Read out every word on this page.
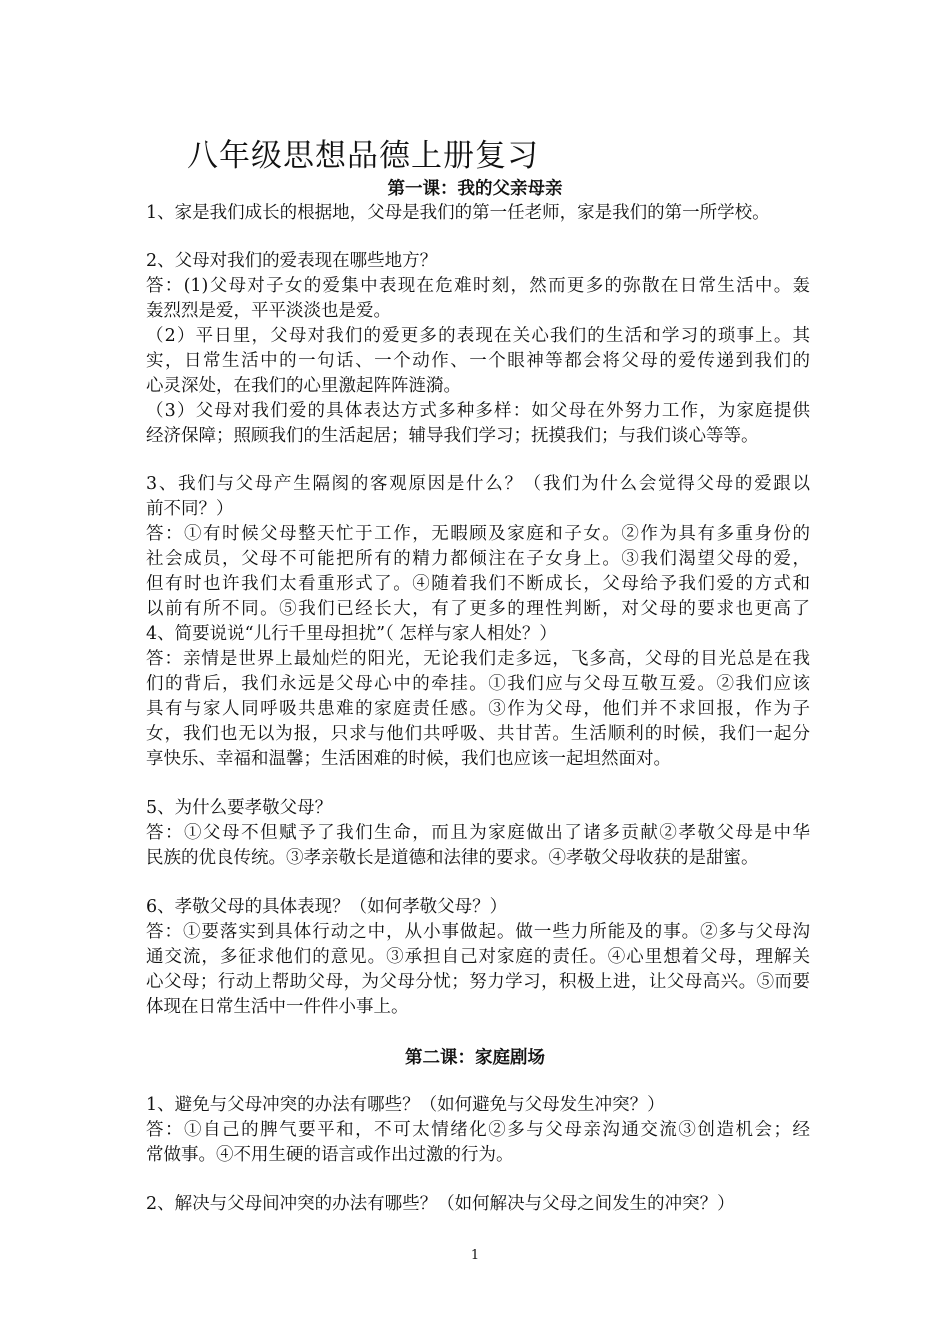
八年级思想品德上册复习
第一课：我的父亲母亲
1、家是我们成长的根据地，父母是我们的第一任老师，家是我们的第一所学校。
2、父母对我们的爱表现在哪些地方？
答：(1)父母对子女的爱集中表现在危难时刻，然而更多的弥散在日常生活中。轰
轰烈烈是爱，平平淡淡也是爱。
（2）平日里，父母对我们的爱更多的表现在关心我们的生活和学习的琐事上。其
实，日常生活中的一句话、一个动作、一个眼神等都会将父母的爱传递到我们的
心灵深处，在我们的心里激起阵阵涟漪。
（3）父母对我们爱的具体表达方式多种多样：如父母在外努力工作，为家庭提供
经济保障；照顾我们的生活起居；辅导我们学习；抚摸我们；与我们谈心等等。
3、我们与父母产生隔阂的客观原因是什么？（我们为什么会觉得父母的爱跟以
前不同？）
答：①有时候父母整天忙于工作，无暇顾及家庭和子女。②作为具有多重身份的
社会成员，父母不可能把所有的精力都倾注在子女身上。③我们渴望父母的爱，
但有时也许我们太看重形式了。④随着我们不断成长，父母给予我们爱的方式和
以前有所不同。⑤我们已经长大，有了更多的理性判断，对父母的要求也更高了
4、简要说说“儿行千里母担扰”（ 怎样与家人相处？）
答：亲情是世界上最灿烂的阳光，无论我们走多远，飞多高，父母的目光总是在我
们的背后，我们永远是父母心中的牵挂。①我们应与父母互敬互爱。②我们应该
具有与家人同呼吸共患难的家庭责任感。③作为父母，他们并不求回报，作为子
女，我们也无以为报，只求与他们共呼吸、共甘苦。生活顺利的时候，我们一起分
享快乐、幸福和温馨；生活困难的时候，我们也应该一起坦然面对。
5、为什么要孝敬父母？
答：①父母不但赋予了我们生命，而且为家庭做出了诸多贡献②孝敬父母是中华
民族的优良传统。③孝亲敬长是道德和法律的要求。④孝敬父母收获的是甜蜜。
6、孝敬父母的具体表现？（如何孝敬父母？）
答：①要落实到具体行动之中，从小事做起。做一些力所能及的事。②多与父母沟
通交流，多征求他们的意见。③承担自己对家庭的责任。④心里想着父母，理解关
心父母；行动上帮助父母，为父母分忧；努力学习，积极上进，让父母高兴。⑤而要
体现在日常生活中一件件小事上。
第二课：家庭剧场
1、避免与父母冲突的办法有哪些？（如何避免与父母发生冲突？）
答：①自己的脾气要平和，不可太情绪化②多与父母亲沟通交流③创造机会；经
常做事。④不用生硬的语言或作出过激的行为。
2、解决与父母间冲突的办法有哪些？（如何解决与父母之间发生的冲突？）
1
